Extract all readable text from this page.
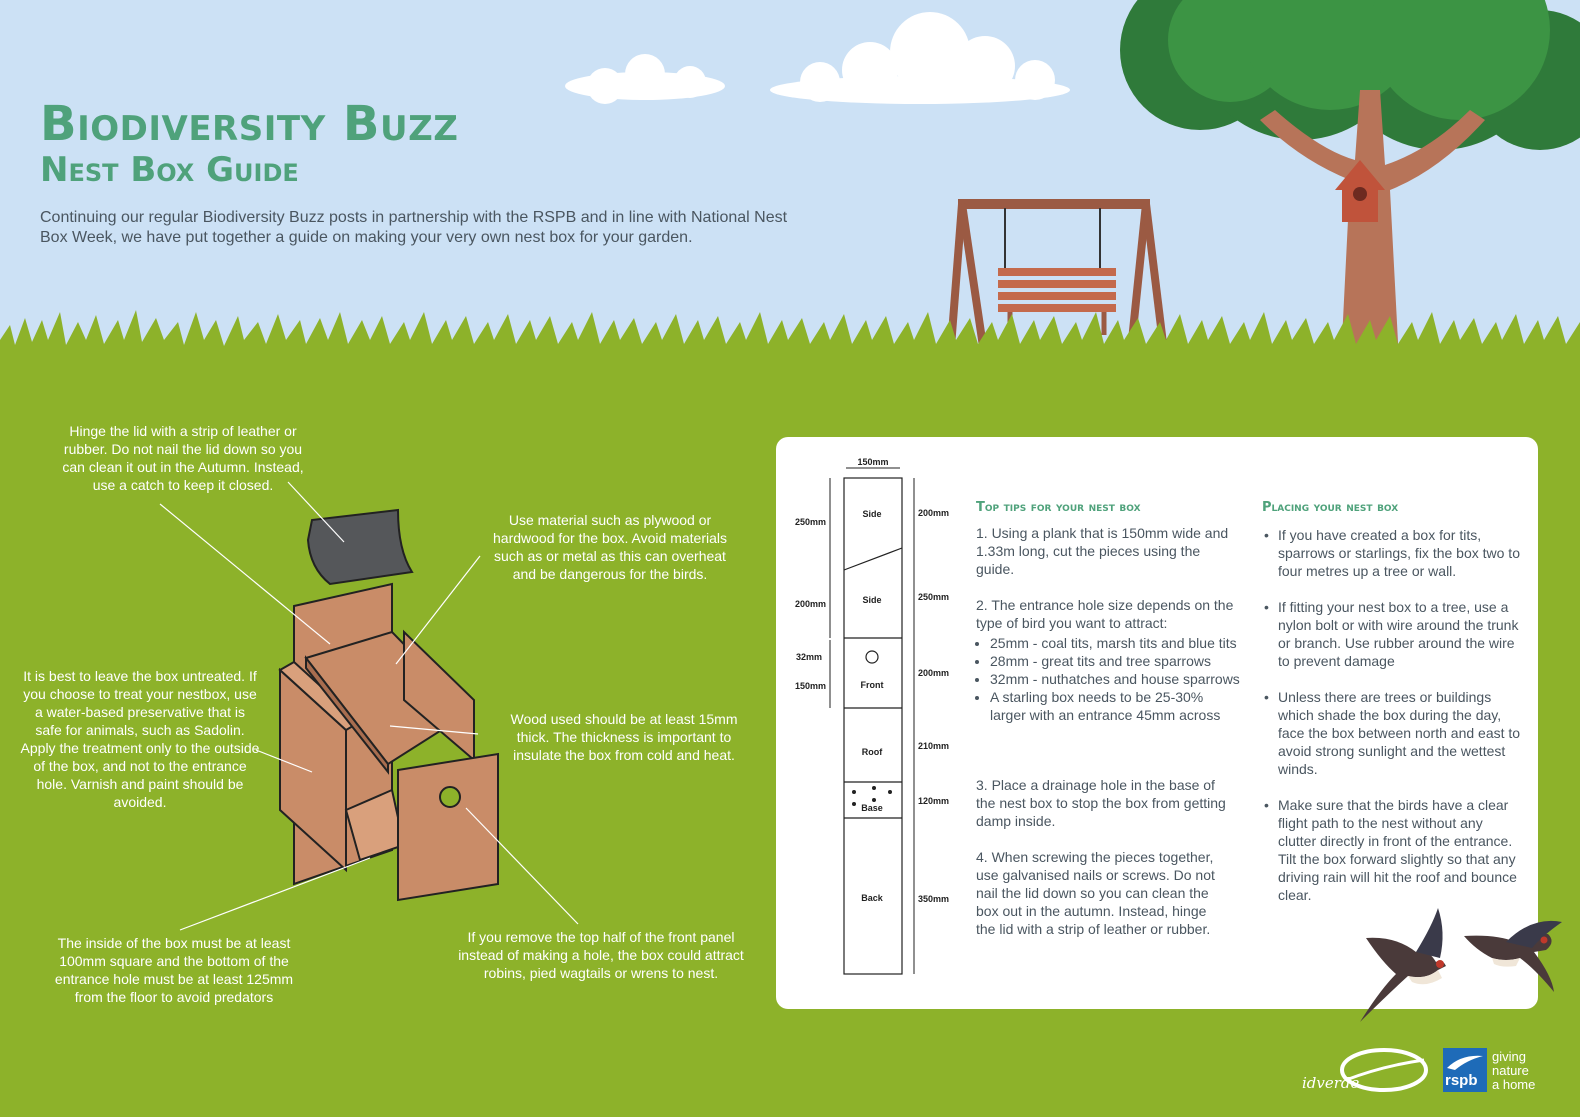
Biodiversity Buzz
Nest Box Guide

Continuing our regular Biodiversity Buzz posts in partnership with the RSPB and in line with National Nest Box Week, we have put together a guide on making your very own nest box for your garden.

Hinge the lid with a strip of leather or rubber. Do not nail the lid down so you can clean it out in the Autumn. Instead, use a catch to keep it closed.

Use material such as plywood or hardwood for the box. Avoid materials such as or metal as this can overheat and be dangerous for the birds.

It is best to leave the box untreated. If you choose to treat your nestbox, use a water-based preservative that is safe for animals, such as Sadolin. Apply the treatment only to the outside of the box, and not to the entrance hole. Varnish and paint should be avoided.

Wood used should be at least 15mm thick. The thickness is important to insulate the box from cold and heat.

The inside of the box must be at least 100mm square and the bottom of the entrance hole must be at least 125mm from the floor to avoid predators

If you remove the top half of the front panel instead of making a hole, the box could attract robins, pied wagtails or wrens to nest.

150mm
Side
Side
Front
Roof
Base
Back
250mm
200mm
32mm
150mm
200mm
250mm
200mm
210mm
120mm
350mm
Top tips for your nest box

1. Using a plank that is 150mm wide and 1.33m long, cut the pieces using the guide.

2. The entrance hole size depends on the type of bird you want to attract:
• 25mm - coal tits, marsh tits and blue tits
• 28mm - great tits and tree sparrows
• 32mm - nuthatches and house sparrows
• A starling box needs to be 25-30% larger with an entrance 45mm across

3. Place a drainage hole in the base of the nest box to stop the box from getting damp inside.

4. When screwing the pieces together, use galvanised nails or screws. Do not nail the lid down so you can clean the box out in the autumn. Instead, hinge the lid with a strip of leather or rubber.

Placing your nest box
• If you have created a box for tits, sparrows or starlings, fix the box two to four metres up a tree or wall.
• If fitting your nest box to a tree, use a nylon bolt or with wire around the trunk or branch. Use rubber around the wire to prevent damage
• Unless there are trees or buildings which shade the box during the day, face the box between north and east to avoid strong sunlight and the wettest winds.
• Make sure that the birds have a clear flight path to the nest without any clutter directly in front of the entrance. Tilt the box forward slightly so that any driving rain will hit the roof and bounce clear.
idverde	rspb

giving

nature

a home
